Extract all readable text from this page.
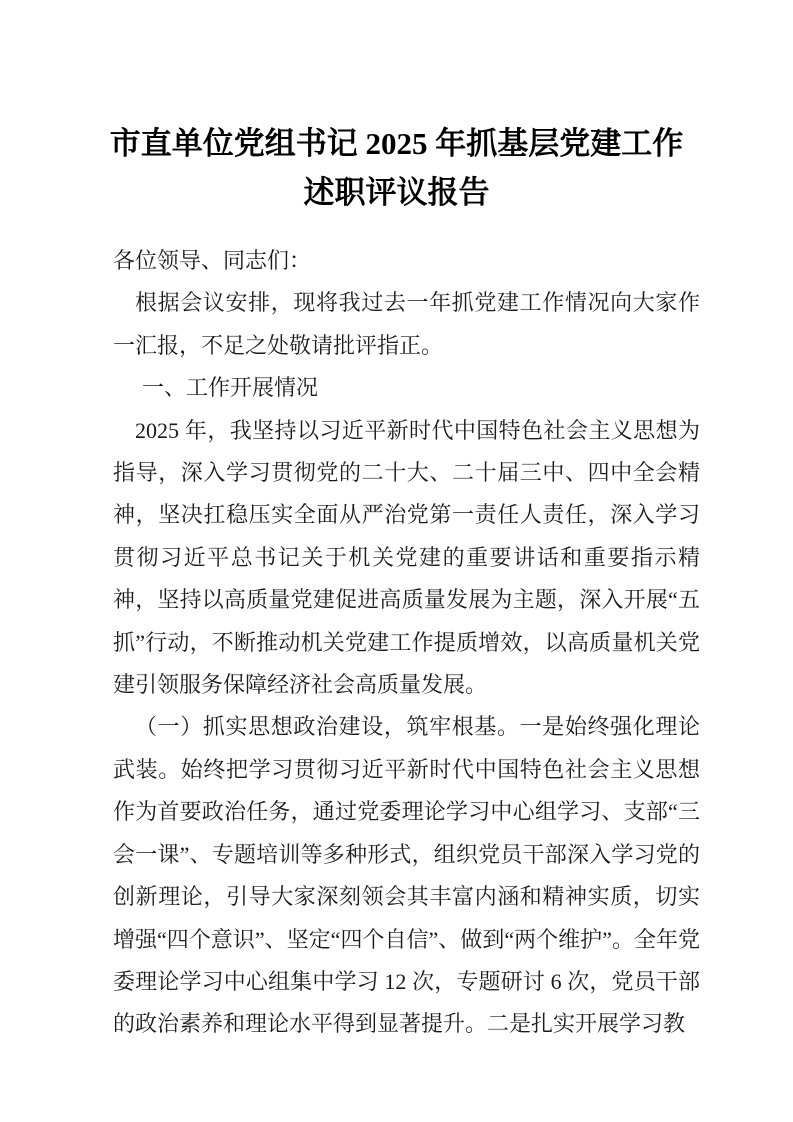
市直单位党组书记 2025 年抓基层党建工作
述职评议报告

各位领导、同志们：

根据会议安排，现将我过去一年抓党建工作情况向大家作一汇报，不足之处敬请批评指正。

一、工作开展情况

2025 年，我坚持以习近平新时代中国特色社会主义思想为指导，深入学习贯彻党的二十大、二十届三中、四中全会精神，坚决扛稳压实全面从严治党第一责任人责任，深入学习贯彻习近平总书记关于机关党建的重要讲话和重要指示精神，坚持以高质量党建促进高质量发展为主题，深入开展“五抓”行动，不断推动机关党建工作提质增效，以高质量机关党建引领服务保障经济社会高质量发展。

（一）抓实思想政治建设，筑牢根基。一是始终强化理论武装。始终把学习贯彻习近平新时代中国特色社会主义思想作为首要政治任务，通过党委理论学习中心组学习、支部“三会一课”、专题培训等多种形式，组织党员干部深入学习党的创新理论，引导大家深刻领会其丰富内涵和精神实质，切实增强“四个意识”、坚定“四个自信”、做到“两个维护”。全年党委理论学习中心组集中学习 12 次，专题研讨 6 次，党员干部的政治素养和理论水平得到显著提升。二是扎实开展学习教
